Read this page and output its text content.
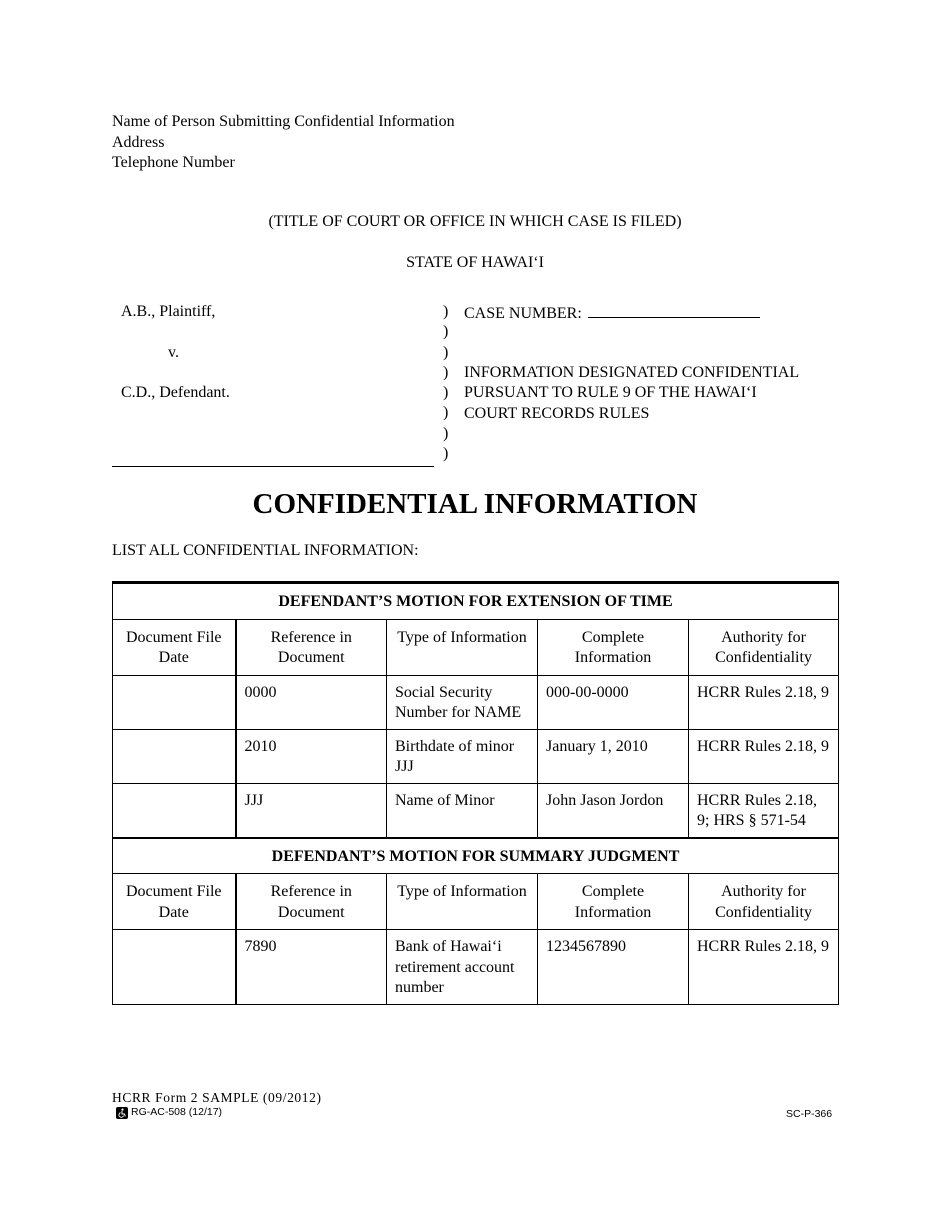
Name of Person Submitting Confidential Information
Address
Telephone Number
(TITLE OF COURT OR OFFICE IN WHICH CASE IS FILED)
STATE OF HAWAI‘I
A.B., Plaintiff,
v.
C.D., Defendant.
)
)
)
)
)
)
)
)
CASE NUMBER:
INFORMATION DESIGNATED CONFIDENTIAL
PURSUANT TO RULE 9 OF THE HAWAI‘I
COURT RECORDS RULES
CONFIDENTIAL INFORMATION
LIST ALL CONFIDENTIAL INFORMATION:
DEFENDANT’S MOTION FOR EXTENSION OF TIME				
Document File Date	Reference in Document	Type of Information	Complete Information	Authority for Confidentiality
	0000	Social Security Number for NAME	000-00-0000	HCRR Rules 2.18, 9
	2010	Birthdate of minor JJJ	January 1, 2010	HCRR Rules 2.18, 9
	JJJ	Name of Minor	John Jason Jordon	HCRR Rules 2.18, 9; HRS § 571-54
DEFENDANT’S MOTION FOR SUMMARY JUDGMENT				
Document File Date	Reference in Document	Type of Information	Complete Information	Authority for Confidentiality
	7890	Bank of Hawai‘i retirement account number	1234567890	HCRR Rules 2.18, 9
HCRR Form 2 SAMPLE (09/2012)
RG-AC-508 (12/17)	SC-P-366
